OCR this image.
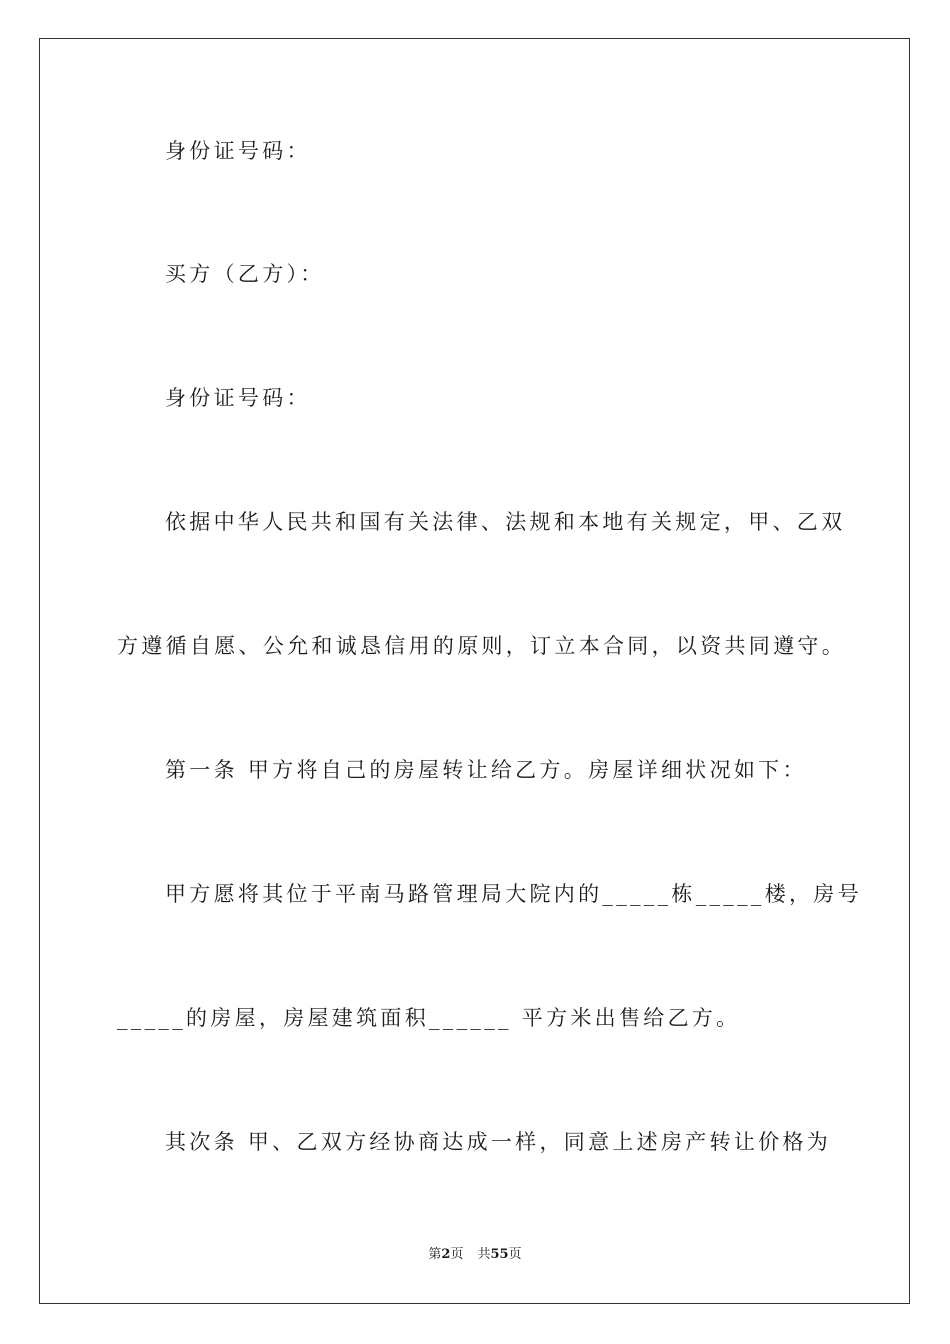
身份证号码：
买方（乙方）：
身份证号码：
依据中华人民共和国有关法律、法规和本地有关规定，甲、乙双
方遵循自愿、公允和诚恳信用的原则，订立本合同，以资共同遵守。
第一条 甲方将自己的房屋转让给乙方。房屋详细状况如下：
甲方愿将其位于平南马路管理局大院内的_____栋_____楼，房号
_____的房屋，房屋建筑面积______ 平方米出售给乙方。
其次条 甲、乙双方经协商达成一样，同意上述房产转让价格为
第2页 共55页
